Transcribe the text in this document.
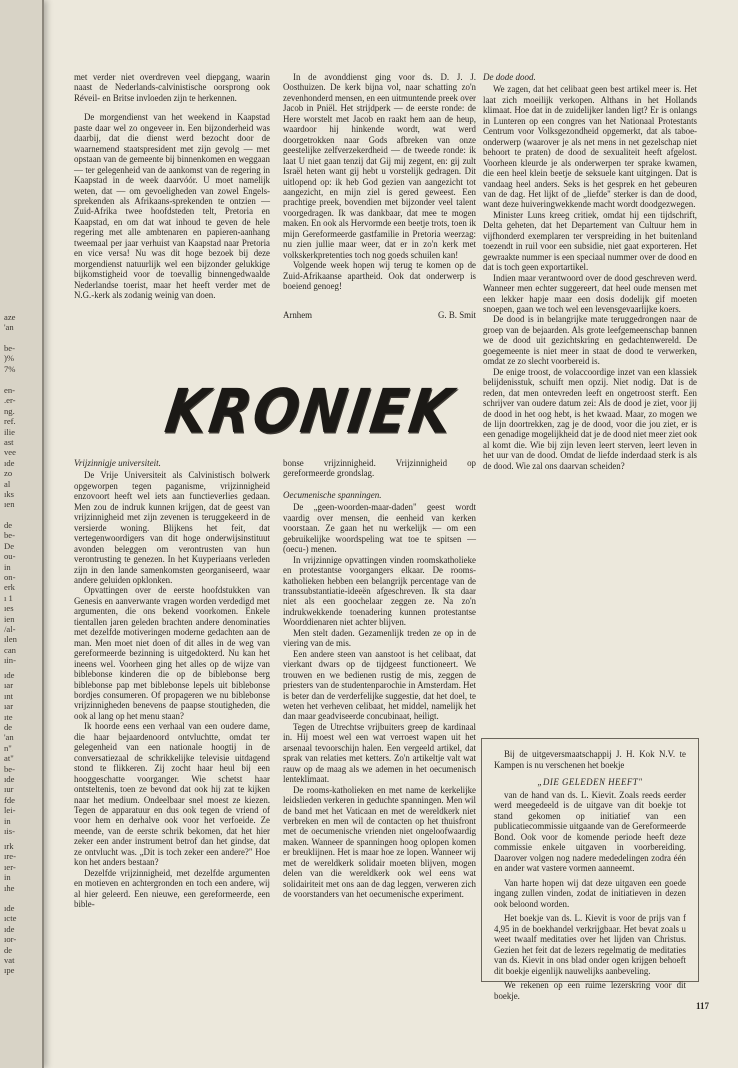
aze
'an
be-
)%
7%
en-
.er-
ng.
ref.
ilie
ast
vee
ıde
zo
al
ıks
ıen
de
be-
De
ou-
in
on-
erk
ı 1
ıes
ien
/al-
ılen
can
ıin-
ıde
ıar
ınt
ıar
ıte
de
'an
n"
at"
be-
ıde
ıur
fde
lei-
in
ıis-
ırk
ıre-
ıer-
in
ıhe
ıde
ıcte
ıde
ıor-
de
vat
ıpe

met verder niet overdreven veel diepgang, waarin naast de Nederlands-calvinistische oorsprong ook Réveil- en Britse invloeden zijn te herkennen.

De morgendienst van het weekend in Kaapstad paste daar wel zo ongeveer in. Een bijzonderheid was daarbij, dat die dienst werd bezocht door de waarnemend staatspresident met zijn gevolg — met opstaan van de gemeente bij binnenkomen en weggaan — ter gelegenheid van de aankomst van de regering in Kaapstad in de week daarvóór. U moet namelijk weten, dat — om gevoeligheden van zowel Engels-sprekenden als Afrikaans-sprekenden te ontzien — Zuid-Afrika twee hoofdsteden telt, Pretoria en Kaapstad, en om dat wat inhoud te geven de hele regering met alle ambtenaren en papieren-aanhang tweemaal per jaar verhuist van Kaapstad naar Pretoria en vice versa! Nu was dit hoge bezoek bij deze morgendienst natuurlijk wel een bijzonder gelukkige bijkomstigheid voor de toevallig binnengedwaalde Nederlandse toerist, maar het heeft verder met de N.G.-kerk als zodanig weinig van doen.

In de avonddienst ging voor ds. D. J. J. Oosthuizen. De kerk bijna vol, naar schatting zo'n zevenhonderd mensen, en een uitmuntende preek over Jacob in Pniël. Het strijdperk — de eerste ronde: de Here worstelt met Jacob en raakt hem aan de heup, waardoor hij hinkende wordt, wat werd doorgetrokken naar Gods afbreken van onze geestelijke zelfverzekerdheid — de tweede ronde: ik laat U niet gaan tenzij dat Gij mij zegent, en: gij zult Israël heten want gij hebt u vorstelijk gedragen. Dit uitlopend op: ik heb God gezien van aangezicht tot aangezicht, en mijn ziel is gered geweest. Een prachtige preek, bovendien met bijzonder veel talent voorgedragen. Ik was dankbaar, dat mee te mogen maken. En ook als Hervormde een beetje trots, toen ik mijn Gereformeerde gastfamilie in Pretoria weerzag: nu zien jullie maar weer, dat er in zo'n kerk met volkskerkpretenties toch nog goeds schuilen kan!

Volgende week hopen wij terug te komen op de Zuid-Afrikaanse apartheid. Ook dat onderwerp is boeiend genoeg!

Arnhem	G. B. Smit
De dode dood.

We zagen, dat het celibaat geen best artikel meer is. Het laat zich moeilijk verkopen. Althans in het Hollands klimaat. Hoe dat in de zuidelijker landen ligt? Er is onlangs in Lunteren op een congres van het Nationaal Protestants Centrum voor Volksgezondheid opgemerkt, dat als taboe-onderwerp (waarover je als net mens in net gezelschap niet behoort te praten) de dood de sexualiteit heeft afgelost. Voorheen kleurde je als onderwerpen ter sprake kwamen, die een heel klein beetje de seksuele kant uitgingen. Dat is vandaag heel anders. Seks is het gesprek en het gebeuren van de dag. Het lijkt of de „liefde" sterker is dan de dood, want deze huiveringwekkende macht wordt doodgezwegen.

Minister Luns kreeg critiek, omdat hij een tijdschrift, Delta geheten, dat het Departement van Cultuur hem in vijfhonderd exemplaren ter verspreiding in het buitenland toezendt in ruil voor een subsidie, niet gaat exporteren. Het gewraakte nummer is een speciaal nummer over de dood en dat is toch geen exportartikel.

Indien maar verantwoord over de dood geschreven werd. Wanneer men echter suggereert, dat heel oude mensen met een lekker hapje maar een dosis dodelijk gif moeten snoepen, gaan we toch wel een levensgevaarlijke koers.

De dood is in belangrijke mate teruggedrongen naar de groep van de bejaarden. Als grote leefgemeenschap bannen we de dood uit gezichtskring en gedachtenwereld. De goegemeente is niet meer in staat de dood te verwerken, omdat ze zo slecht voorbereid is.

De enige troost, de volaccoordige inzet van een klassiek belijdenisstuk, schuift men opzij. Niet nodig. Dat is de reden, dat men ontevreden leeft en ongetroost sterft. Een schrijver van oudere datum zei: Als de dood je ziet, voor jij de dood in het oog hebt, is het kwaad. Maar, zo mogen we de lijn doortrekken, zag je de dood, voor die jou ziet, er is een genadige mogelijkheid dat je de dood niet meer ziet ook al komt die. Wie bij zijn leven leert sterven, leert leven in het uur van de dood. Omdat de liefde inderdaad sterk is als de dood. Wie zal ons daarvan scheiden?

KRONIEK
Vrijzinnigje universiteit.

De Vrije Universiteit als Calvinistisch bolwerk opgeworpen tegen paganisme, vrijzinnigheid enzovoort heeft wel iets aan functieverlies gedaan. Men zou de indruk kunnen krijgen, dat de geest van vrijzinnigheid met zijn zevenen is teruggekeerd in de versierde woning. Blijkens het feit, dat vertegenwoordigers van dit hoge onderwijsinstituut avonden beleggen om verontrusten van hun verontrusting te genezen. In het Kuyperiaans verleden zijn in den lande samenkomsten georganiseerd, waar andere geluiden opklonken.

Opvattingen over de eerste hoofdstukken van Genesis en aanverwante vragen worden verdedigd met argumenten, die ons bekend voorkomen. Enkele tientallen jaren geleden brachten andere denominaties met dezelfde motiveringen moderne gedachten aan de man. Men moet niet doen of dit alles in de weg van gereformeerde bezinning is uitgedokterd. Nu kan het ineens wel. Voorheen ging het alles op de wijze van biblebonse kinderen die op de biblebonse berg biblebonse pap met biblebonse lepels uit biblebonse bordjes consumeren. Of propageren we nu biblebonse vrijzinnigheden benevens de paapse stoutigheden, die ook al lang op het menu staan?

Ik hoorde eens een verhaal van een oudere dame, die haar bejaardenoord ontvluchtte, omdat ter gelegenheid van een nationale hoogtij in de conversatiezaal de schrikkelijke televisie uitdagend stond te flikkeren. Zij zocht haar heul bij een hooggeschatte voorganger. Wie schetst haar ontsteltenis, toen ze bevond dat ook hij zat te kijken naar het medium. Ondeelbaar snel moest ze kiezen. Tegen de apparatuur en dus ook tegen de vriend of voor hem en derhalve ook voor het verfoeide. Ze meende, van de eerste schrik bekomen, dat het hier zeker een ander instrument betrof dan het gindse, dat ze ontvlucht was. „Dit is toch zeker een andere?" Hoe kon het anders bestaan?

Dezelfde vrijzinnigheid, met dezelfde argumenten en motieven en achtergronden en toch een andere, wij al hier geleerd. Een nieuwe, een gereformeerde, een bible-

bonse vrijzinnigheid. Vrijzinnigheid op gereformeerde grondslag.

Oecumenische spanningen.

De „geen-woorden-maar-daden" geest wordt vaardig over mensen, die eenheid van kerken voorstaan. Ze gaan het nu werkelijk — om een gebruikelijke woordspeling wat toe te spitsen — (oecu-) menen.

In vrijzinnige opvattingen vinden roomskatholieke en protestantse voorgangers elkaar. De rooms-katholieken hebben een belangrijk percentage van de transsubstantiatie-ideeën afgeschreven. Ik sta daar niet als een goochelaar zeggen ze. Na zo'n indrukwekkende toenadering kunnen protestantse Woorddienaren niet achter blijven.

Men stelt daden. Gezamenlijk treden ze op in de viering van de mis.

Een andere steen van aanstoot is het celibaat, dat vierkant dwars op de tijdgeest functioneert. We trouwen en we bedienen rustig de mis, zeggen de priesters van de studentenparochie in Amsterdam. Het is beter dan de verderfelijke suggestie, dat het doel, te weten het verheven celibaat, het middel, namelijk het dan maar geadviseerde concubinaat, heiligt.

Tegen de Utrechtse vrijbuiters greep de kardinaal in. Hij moest wel een wat verroest wapen uit het arsenaal tevoorschijn halen. Een vergeeld artikel, dat sprak van relaties met ketters. Zo'n artikeltje valt wat rauw op de maag als we ademen in het oecumenisch lenteklimaat.

De rooms-katholieken en met name de kerkelijke leidslieden verkeren in geduchte spanningen. Men wil de band met het Vaticaan en met de wereldkerk niet verbreken en men wil de contacten op het thuisfront met de oecumenische vrienden niet ongeloofwaardig maken. Wanneer de spanningen hoog oplopen komen er breuklijnen. Het is maar hoe ze lopen. Wanneer wij met de wereldkerk solidair moeten blijven, mogen delen van die wereldkerk ook wel eens wat solidairiteit met ons aan de dag leggen, verweren zich de voorstanders van het oecumenische experiment.

Bij de uitgeversmaatschappij J. H. Kok N.V. te Kampen is nu verschenen het boekje

„DIE GELEDEN HEEFT"

van de hand van ds. L. Kievit. Zoals reeds eerder werd meegedeeld is de uitgave van dit boekje tot stand gekomen op initiatief van een publicatiecommissie uitgaande van de Gereformeerde Bond. Ook voor de komende periode heeft deze commissie enkele uitgaven in voorbereiding. Daarover volgen nog nadere mededelingen zodra één en ander wat vastere vormen aanneemt.

Van harte hopen wij dat deze uitgaven een goede ingang zullen vinden, zodat de initiatieven in dezen ook beloond worden.

Het boekje van ds. L. Kievit is voor de prijs van f 4,95 in de boekhandel verkrijgbaar. Het bevat zoals u weet twaalf meditaties over het lijden van Christus. Gezien het feit dat de lezers regelmatig de meditaties van ds. Kievit in ons blad onder ogen krijgen behoeft dit boekje eigenlijk nauwelijks aanbeveling.

We rekenen op een ruime lezerskring voor dit boekje.

117
